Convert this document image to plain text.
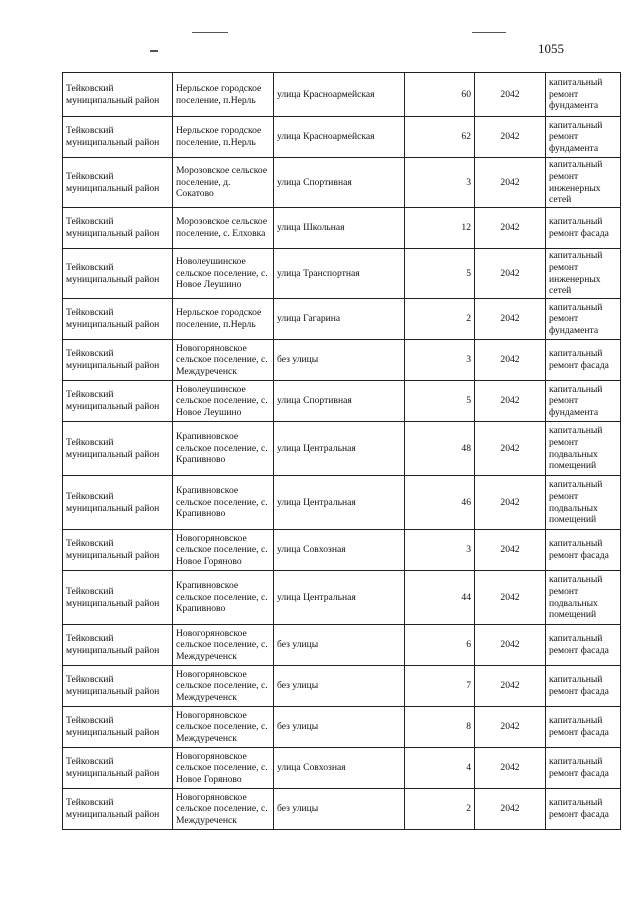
1055
Тейковский муниципальный район	Нерльское городское поселение, п.Нерль	улица Красноармейская	60	2042	капитальный ремонт фундамента
Тейковский муниципальный район	Нерльское городское поселение, п.Нерль	улица Красноармейская	62	2042	капитальный ремонт фундамента
Тейковский муниципальный район	Морозовское сельское поселение, д. Сокатово	улица Спортивная	3	2042	капитальный ремонт инженерных сетей
Тейковский муниципальный район	Морозовское сельское поселение, с. Елховка	улица Школьная	12	2042	капитальный ремонт фасада
Тейковский муниципальный район	Новолеушинское сельское поселение, с. Новое Леушино	улица Транспортная	5	2042	капитальный ремонт инженерных сетей
Тейковский муниципальный район	Нерльское городское поселение, п.Нерль	улица Гагарина	2	2042	капитальный ремонт фундамента
Тейковский муниципальный район	Новогоряновское сельское поселение, с. Междуреченск	без улицы	3	2042	капитальный ремонт фасада
Тейковский муниципальный район	Новолеушинское сельское поселение, с. Новое Леушино	улица Спортивная	5	2042	капитальный ремонт фундамента
Тейковский муниципальный район	Крапивновское сельское поселение, с. Крапивново	улица Центральная	48	2042	капитальный ремонт подвальных помещений
Тейковский муниципальный район	Крапивновское сельское поселение, с. Крапивново	улица Центральная	46	2042	капитальный ремонт подвальных помещений
Тейковский муниципальный район	Новогоряновское сельское поселение, с. Новое Горяново	улица Совхозная	3	2042	капитальный ремонт фасада
Тейковский муниципальный район	Крапивновское сельское поселение, с. Крапивново	улица Центральная	44	2042	капитальный ремонт подвальных помещений
Тейковский муниципальный район	Новогоряновское сельское поселение, с. Междуреченск	без улицы	6	2042	капитальный ремонт фасада
Тейковский муниципальный район	Новогоряновское сельское поселение, с. Междуреченск	без улицы	7	2042	капитальный ремонт фасада
Тейковский муниципальный район	Новогоряновское сельское поселение, с. Междуреченск	без улицы	8	2042	капитальный ремонт фасада
Тейковский муниципальный район	Новогоряновское сельское поселение, с. Новое Горяново	улица Совхозная	4	2042	капитальный ремонт фасада
Тейковский муниципальный район	Новогоряновское сельское поселение, с. Междуреченск	без улицы	2	2042	капитальный ремонт фасада
